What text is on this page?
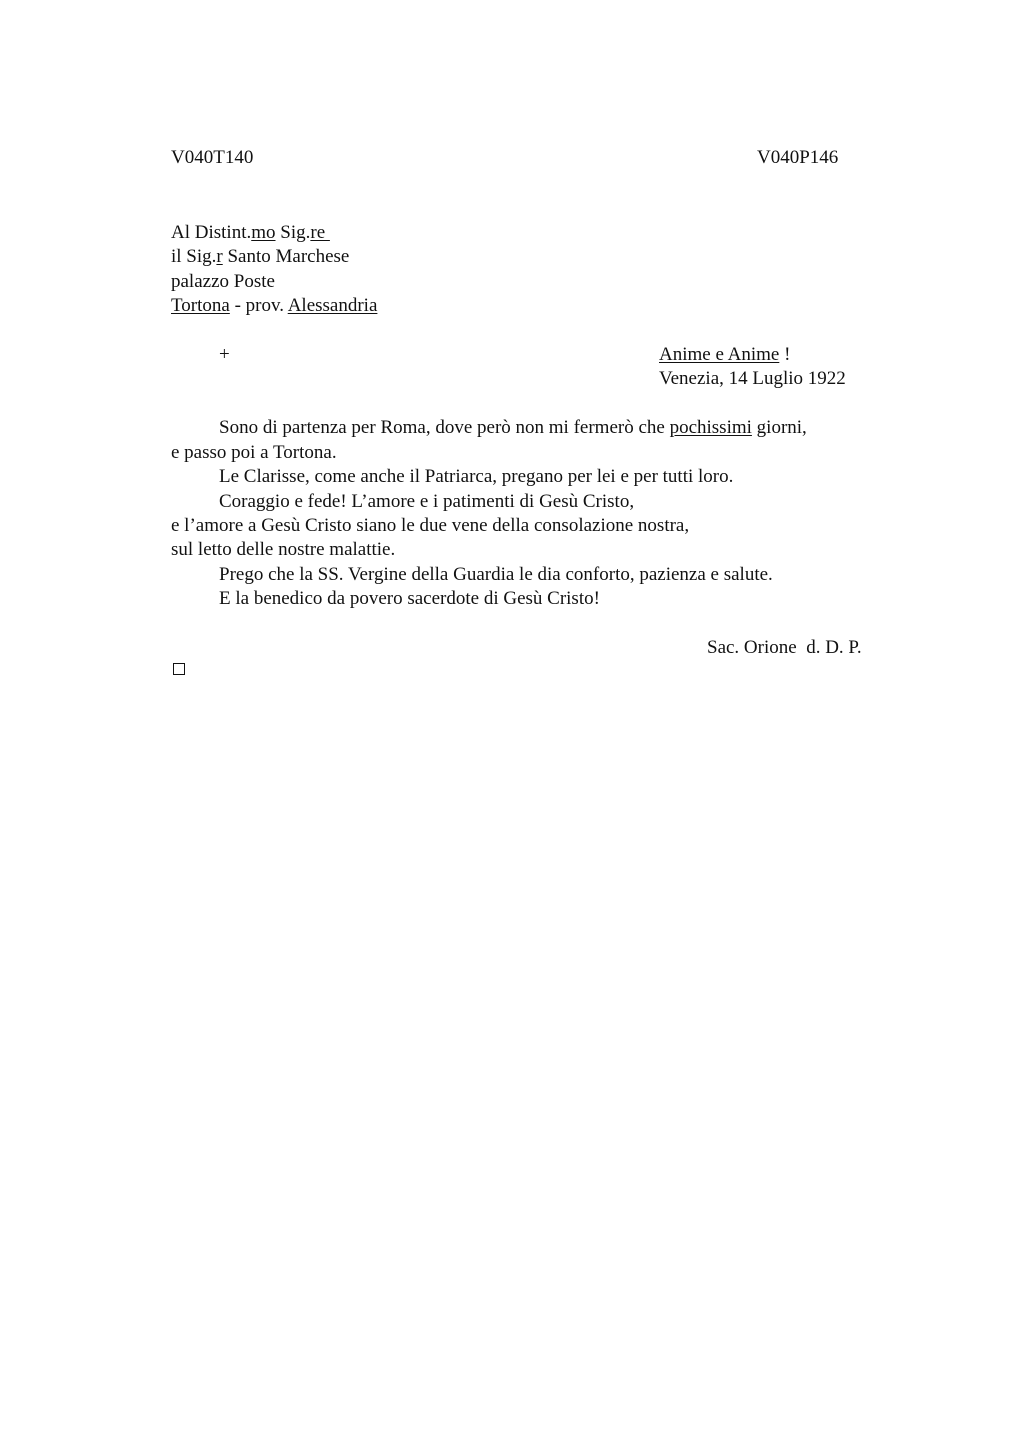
V040T140	V040P146
Al Distint.mo Sig.re
il Sig.r Santo Marchese
palazzo Poste
Tortona - prov. Alessandria
+	Anime e Anime !
Venezia, 14 Luglio 1922
Sono di partenza per Roma, dove però non mi fermerò che pochissimi giorni,
e passo poi a Tortona.
Le Clarisse, come anche il Patriarca, pregano per lei e per tutti loro.
Coraggio e fede! L’amore e i patimenti di Gesù Cristo,
e l’amore a Gesù Cristo siano le due vene della consolazione nostra,
sul letto delle nostre malattie.
Prego che la SS. Vergine della Guardia le dia conforto, pazienza e salute.
E la benedico da povero sacerdote di Gesù Cristo!
Sac. Orione  d. D. P.
